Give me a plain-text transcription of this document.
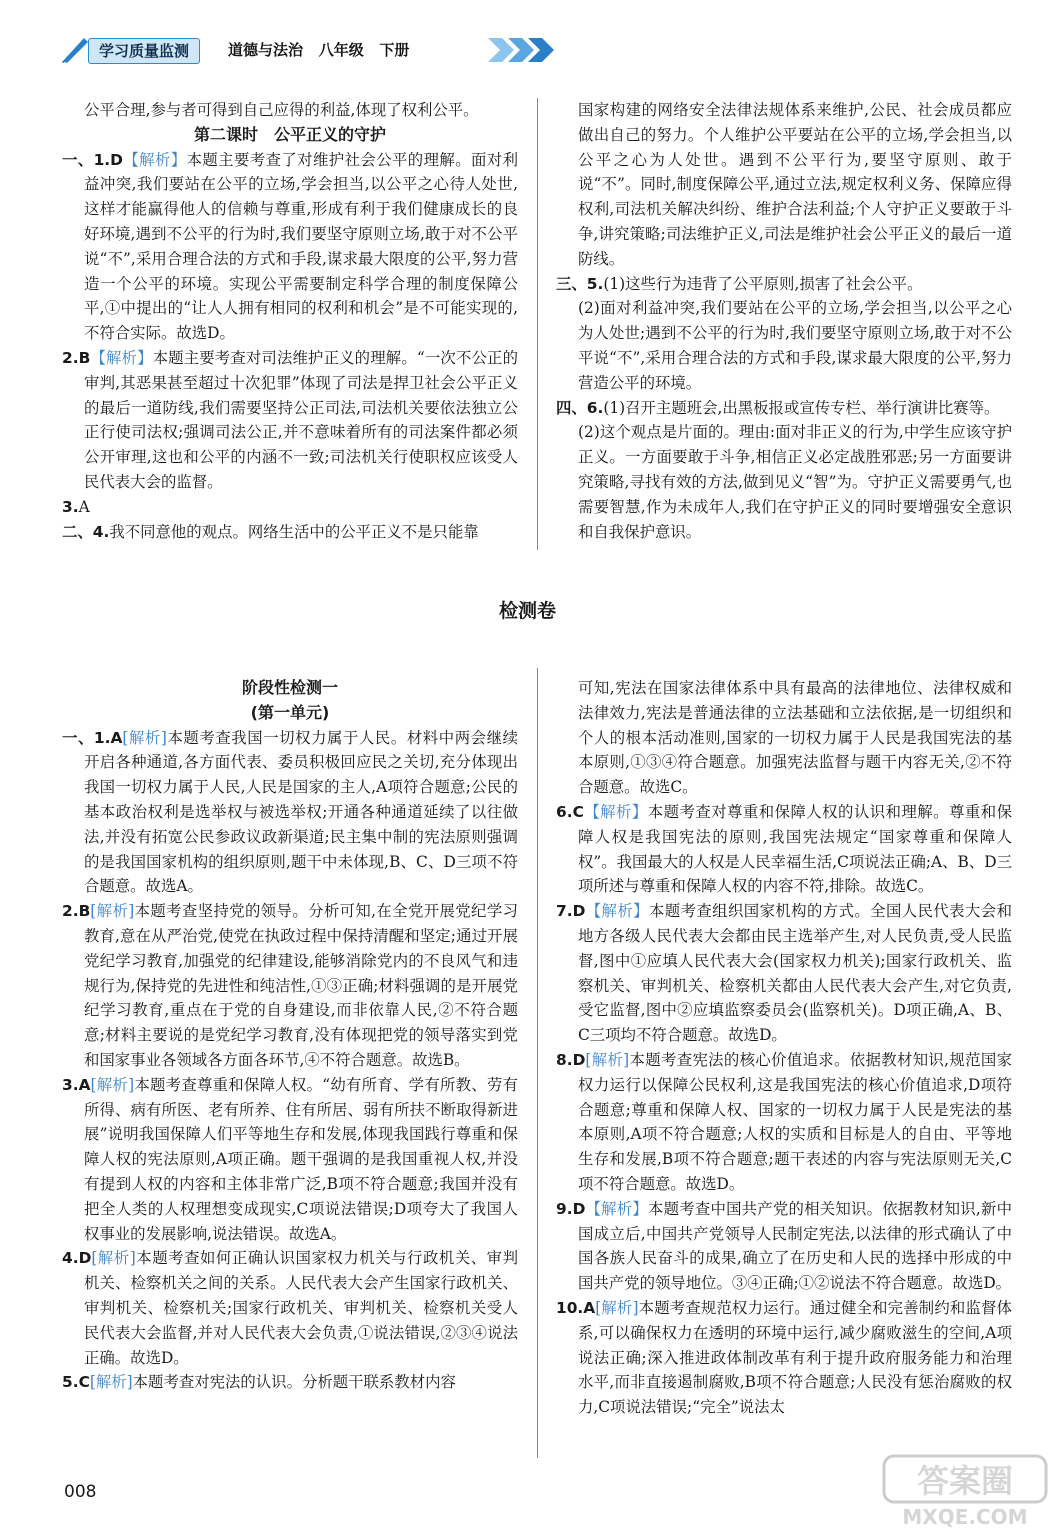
学习质量监测	道德与法治 八年级 下册

公平合理,参与者可得到自己应得的利益,体现了权利公平。

第二课时　公平正义的守护

一、1.D【解析】本题主要考查了对维护社会公平的理解。面对利益冲突,我们要站在公平的立场,学会担当,以公平之心待人处世,这样才能赢得他人的信赖与尊重,形成有利于我们健康成长的良好环境,遇到不公平的行为时,我们要坚守原则立场,敢于对不公平说“不”,采用合理合法的方式和手段,谋求最大限度的公平,努力营造一个公平的环境。实现公平需要制定科学合理的制度保障公平,①中提出的“让人人拥有相同的权利和机会”是不可能实现的,不符合实际。故选D。

2.B【解析】本题主要考查对司法维护正义的理解。“一次不公正的审判,其恶果甚至超过十次犯罪”体现了司法是捍卫社会公平正义的最后一道防线,我们需要坚持公正司法,司法机关要依法独立公正行使司法权;强调司法公正,并不意味着所有的司法案件都必须公开审理,这也和公平的内涵不一致;司法机关行使职权应该受人民代表大会的监督。

3.A

二、4.我不同意他的观点。网络生活中的公平正义不是只能靠

国家构建的网络安全法律法规体系来维护,公民、社会成员都应做出自己的努力。个人维护公平要站在公平的立场,学会担当,以公平之心为人处世。遇到不公平行为,要坚守原则、敢于说“不”。同时,制度保障公平,通过立法,规定权利义务、保障应得权利,司法机关解决纠纷、维护合法利益;个人守护正义要敢于斗争,讲究策略;司法维护正义,司法是维护社会公平正义的最后一道防线。

三、5.(1)这些行为违背了公平原则,损害了社会公平。

(2)面对利益冲突,我们要站在公平的立场,学会担当,以公平之心为人处世;遇到不公平的行为时,我们要坚守原则立场,敢于对不公平说“不”,采用合理合法的方式和手段,谋求最大限度的公平,努力营造公平的环境。

四、6.(1)召开主题班会,出黑板报或宣传专栏、举行演讲比赛等。

(2)这个观点是片面的。理由:面对非正义的行为,中学生应该守护正义。一方面要敢于斗争,相信正义必定战胜邪恶;另一方面要讲究策略,寻找有效的方法,做到见义“智”为。守护正义需要勇气,也需要智慧,作为未成年人,我们在守护正义的同时要增强安全意识和自我保护意识。

检测卷

阶段性检测一

(第一单元)

一、1.A[解析]本题考查我国一切权力属于人民。材料中两会继续开启各种通道,各方面代表、委员积极回应民之关切,充分体现出我国一切权力属于人民,人民是国家的主人,A项符合题意;公民的基本政治权利是选举权与被选举权;开通各种通道延续了以往做法,并没有拓宽公民参政议政新渠道;民主集中制的宪法原则强调的是我国国家机构的组织原则,题干中未体现,B、C、D三项不符合题意。故选A。

2.B[解析]本题考查坚持党的领导。分析可知,在全党开展党纪学习教育,意在从严治党,使党在执政过程中保持清醒和坚定;通过开展党纪学习教育,加强党的纪律建设,能够消除党内的不良风气和违规行为,保持党的先进性和纯洁性,①③正确;材料强调的是开展党纪学习教育,重点在于党的自身建设,而非依靠人民,②不符合题意;材料主要说的是党纪学习教育,没有体现把党的领导落实到党和国家事业各领域各方面各环节,④不符合题意。故选B。

3.A[解析]本题考查尊重和保障人权。“幼有所育、学有所教、劳有所得、病有所医、老有所养、住有所居、弱有所扶不断取得新进展”说明我国保障人们平等地生存和发展,体现我国践行尊重和保障人权的宪法原则,A项正确。题干强调的是我国重视人权,并没有提到人权的内容和主体非常广泛,B项不符合题意;我国并没有把全人类的人权理想变成现实,C项说法错误;D项夸大了我国人权事业的发展影响,说法错误。故选A。

4.D[解析]本题考查如何正确认识国家权力机关与行政机关、审判机关、检察机关之间的关系。人民代表大会产生国家行政机关、审判机关、检察机关;国家行政机关、审判机关、检察机关受人民代表大会监督,并对人民代表大会负责,①说法错误,②③④说法正确。故选D。

5.C[解析]本题考查对宪法的认识。分析题干联系教材内容

可知,宪法在国家法律体系中具有最高的法律地位、法律权威和法律效力,宪法是普通法律的立法基础和立法依据,是一切组织和个人的根本活动准则,国家的一切权力属于人民是我国宪法的基本原则,①③④符合题意。加强宪法监督与题干内容无关,②不符合题意。故选C。

6.C【解析】本题考查对尊重和保障人权的认识和理解。尊重和保障人权是我国宪法的原则,我国宪法规定“国家尊重和保障人权”。我国最大的人权是人民幸福生活,C项说法正确;A、B、D三项所述与尊重和保障人权的内容不符,排除。故选C。

7.D【解析】本题考查组织国家机构的方式。全国人民代表大会和地方各级人民代表大会都由民主选举产生,对人民负责,受人民监督,图中①应填人民代表大会(国家权力机关);国家行政机关、监察机关、审判机关、检察机关都由人民代表大会产生,对它负责,受它监督,图中②应填监察委员会(监察机关)。D项正确,A、B、C三项均不符合题意。故选D。

8.D[解析]本题考查宪法的核心价值追求。依据教材知识,规范国家权力运行以保障公民权利,这是我国宪法的核心价值追求,D项符合题意;尊重和保障人权、国家的一切权力属于人民是宪法的基本原则,A项不符合题意;人权的实质和目标是人的自由、平等地生存和发展,B项不符合题意;题干表述的内容与宪法原则无关,C项不符合题意。故选D。

9.D【解析】本题考查中国共产党的相关知识。依据教材知识,新中国成立后,中国共产党领导人民制定宪法,以法律的形式确认了中国各族人民奋斗的成果,确立了在历史和人民的选择中形成的中国共产党的领导地位。③④正确;①②说法不符合题意。故选D。

10.A[解析]本题考查规范权力运行。通过健全和完善制约和监督体系,可以确保权力在透明的环境中运行,减少腐败滋生的空间,A项说法正确;深入推进政体制改革有利于提升政府服务能力和治理水平,而非直接遏制腐败,B项不符合题意;人民没有惩治腐败的权力,C项说法错误;“完全”说法太

008	答案圈
MXQE.COM
